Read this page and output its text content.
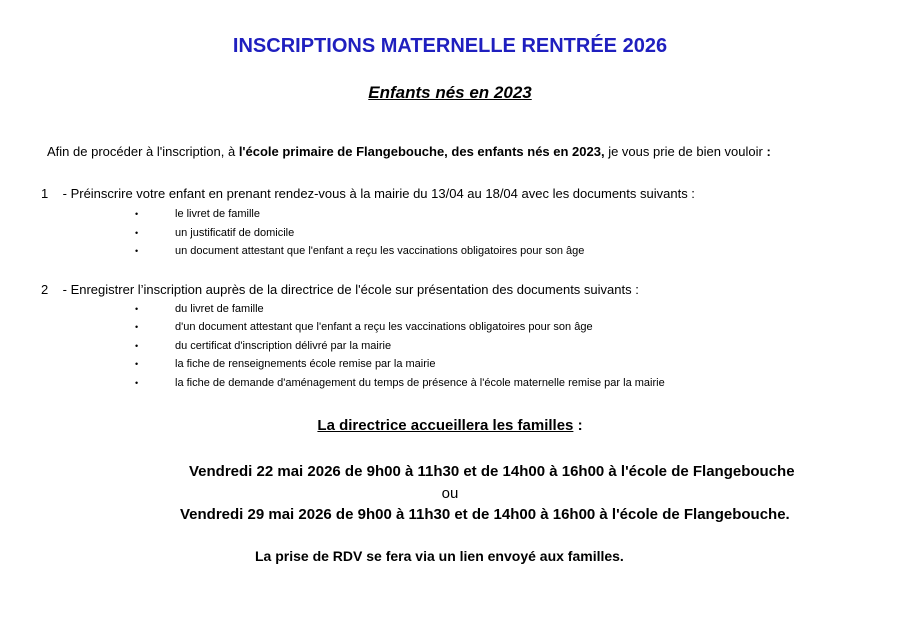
INSCRIPTIONS MATERNELLE RENTRÉE 2026
Enfants nés en 2023
Afin de procéder à l'inscription, à l'école primaire de Flangebouche, des enfants nés en 2023, je vous prie de bien vouloir :
1 - Préinscrire votre enfant en prenant rendez-vous à la mairie du 13/04 au 18/04 avec les documents suivants :
•	le livret de famille
•	un justificatif de domicile
•	un document attestant que l'enfant a reçu les vaccinations obligatoires pour son âge
2 - Enregistrer l’inscription auprès de la directrice de l'école sur présentation des documents suivants :
•	du livret de famille
•	d'un document attestant que l'enfant a reçu les vaccinations obligatoires pour son âge
•	du certificat d'inscription délivré par la mairie
•	la fiche de renseignements école remise par la mairie
•	la fiche de demande d'aménagement du temps de présence à l'école maternelle remise par la mairie
La directrice accueillera les familles :
Vendredi 22 mai 2026 de 9h00 à 11h30 et de 14h00 à 16h00 à l'école de Flangebouche
ou
Vendredi 29 mai 2026 de 9h00 à 11h30 et de 14h00 à 16h00 à l'école de Flangebouche.
La prise de RDV se fera via un lien envoyé aux familles.
